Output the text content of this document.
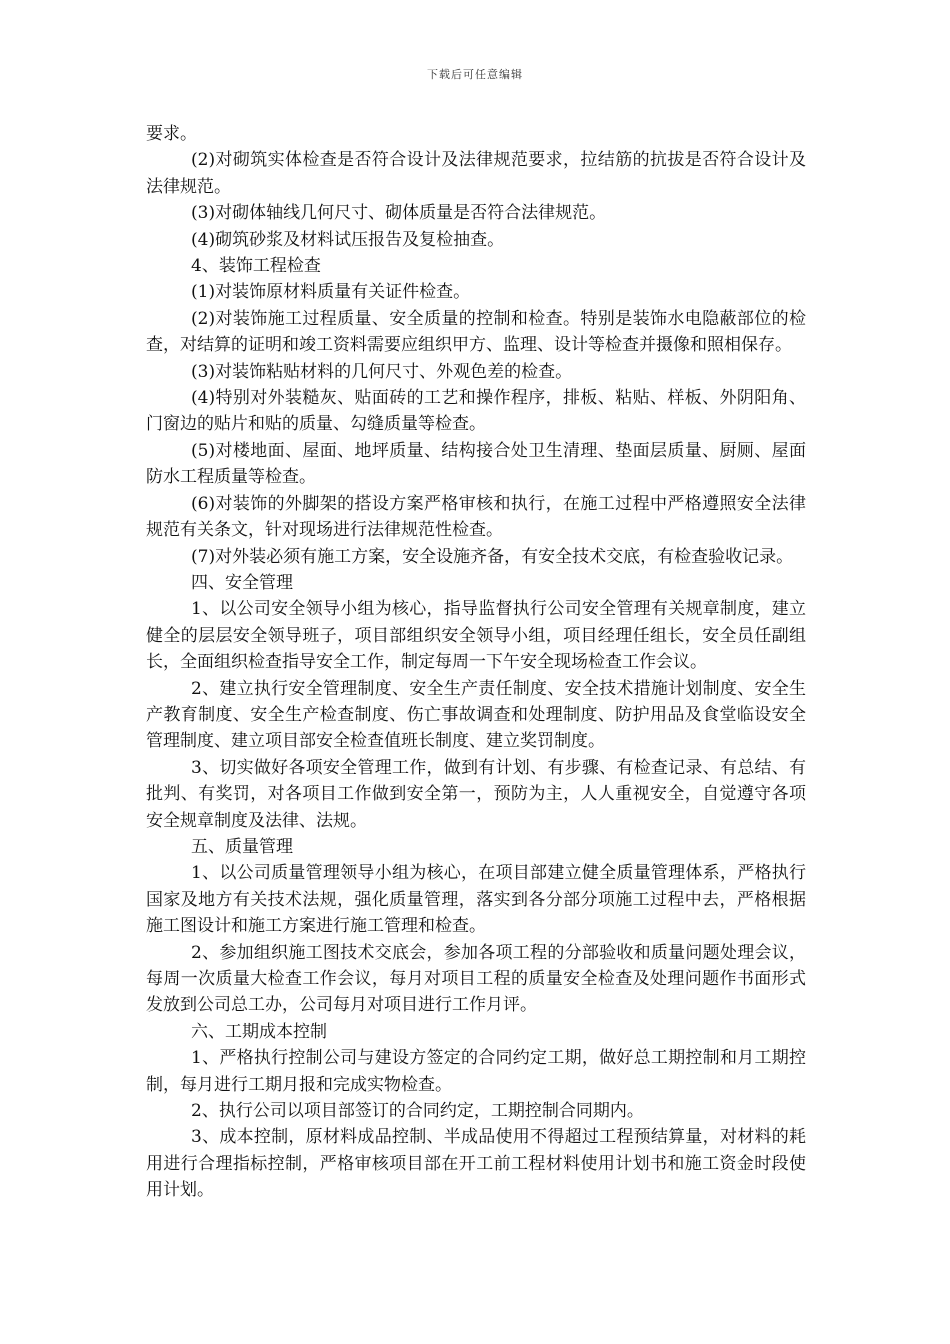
下载后可任意编辑

要求。

(2)对砌筑实体检查是否符合设计及法律规范要求，拉结筋的抗拔是否符合设计及法律规范。

(3)对砌体轴线几何尺寸、砌体质量是否符合法律规范。

(4)砌筑砂浆及材料试压报告及复检抽查。

4、装饰工程检查

(1)对装饰原材料质量有关证件检查。

(2)对装饰施工过程质量、安全质量的控制和检查。特别是装饰水电隐蔽部位的检查，对结算的证明和竣工资料需要应组织甲方、监理、设计等检查并摄像和照相保存。

(3)对装饰粘贴材料的几何尺寸、外观色差的检查。

(4)特别对外装糙灰、贴面砖的工艺和操作程序，排板、粘贴、样板、外阴阳角、门窗边的贴片和贴的质量、勾缝质量等检查。

(5)对楼地面、屋面、地坪质量、结构接合处卫生清理、垫面层质量、厨厕、屋面防水工程质量等检查。

(6)对装饰的外脚架的搭设方案严格审核和执行，在施工过程中严格遵照安全法律规范有关条文，针对现场进行法律规范性检查。

(7)对外装必须有施工方案，安全设施齐备，有安全技术交底，有检查验收记录。

四、安全管理

1、以公司安全领导小组为核心，指导监督执行公司安全管理有关规章制度，建立健全的层层安全领导班子，项目部组织安全领导小组，项目经理任组长，安全员任副组长，全面组织检查指导安全工作，制定每周一下午安全现场检查工作会议。

2、建立执行安全管理制度、安全生产责任制度、安全技术措施计划制度、安全生产教育制度、安全生产检查制度、伤亡事故调查和处理制度、防护用品及食堂临设安全管理制度、建立项目部安全检查值班长制度、建立奖罚制度。

3、切实做好各项安全管理工作，做到有计划、有步骤、有检查记录、有总结、有批判、有奖罚，对各项目工作做到安全第一，预防为主，人人重视安全，自觉遵守各项安全规章制度及法律、法规。

五、质量管理

1、以公司质量管理领导小组为核心，在项目部建立健全质量管理体系，严格执行国家及地方有关技术法规，强化质量管理，落实到各分部分项施工过程中去，严格根据施工图设计和施工方案进行施工管理和检查。

2、参加组织施工图技术交底会，参加各项工程的分部验收和质量问题处理会议，每周一次质量大检查工作会议，每月对项目工程的质量安全检查及处理问题作书面形式发放到公司总工办，公司每月对项目进行工作月评。

六、工期成本控制

1、严格执行控制公司与建设方签定的合同约定工期，做好总工期控制和月工期控制，每月进行工期月报和完成实物检查。

2、执行公司以项目部签订的合同约定，工期控制合同期内。

3、成本控制，原材料成品控制、半成品使用不得超过工程预结算量，对材料的耗用进行合理指标控制，严格审核项目部在开工前工程材料使用计划书和施工资金时段使用计划。
